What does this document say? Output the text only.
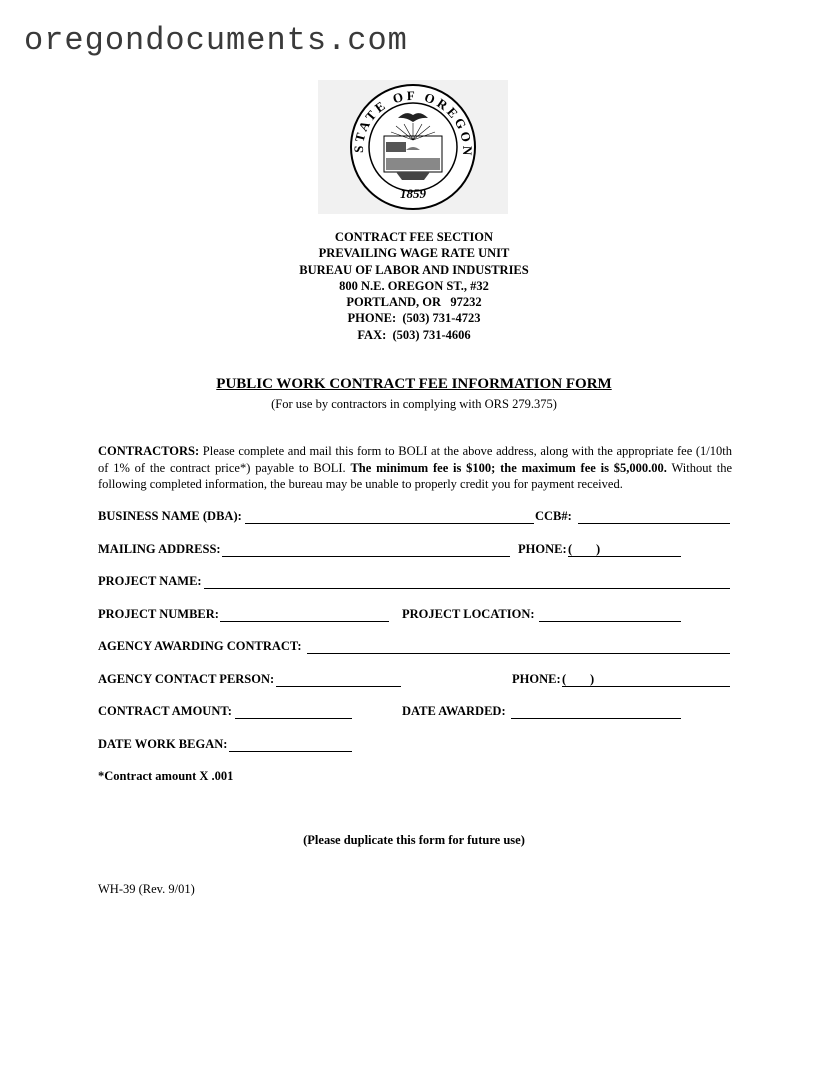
oregondocuments.com
STATE OF OREGON
1859
CONTRACT FEE SECTION
PREVAILING WAGE RATE UNIT
BUREAU OF LABOR AND INDUSTRIES
800 N.E. OREGON ST., #32
PORTLAND, OR   97232
PHONE:  (503) 731-4723
FAX:  (503) 731-4606
PUBLIC WORK CONTRACT FEE INFORMATION FORM
(For use by contractors in complying with ORS 279.375)
CONTRACTORS: Please complete and mail this form to BOLI at the above address, along with the appropriate fee (1/10th of 1% of the contract price*) payable to BOLI. The minimum fee is $100; the maximum fee is $5,000.00. Without the following completed information, the bureau may be unable to properly credit you for payment received.
BUSINESS NAME (DBA):	CCB#:
MAILING ADDRESS:	PHONE: ( )
PROJECT NAME:
PROJECT NUMBER:	PROJECT LOCATION:
AGENCY AWARDING CONTRACT:
AGENCY CONTACT PERSON:	PHONE: ( )
CONTRACT AMOUNT:	DATE AWARDED:
DATE WORK BEGAN:
*Contract amount X .001
(Please duplicate this form for future use)
WH-39 (Rev. 9/01)
